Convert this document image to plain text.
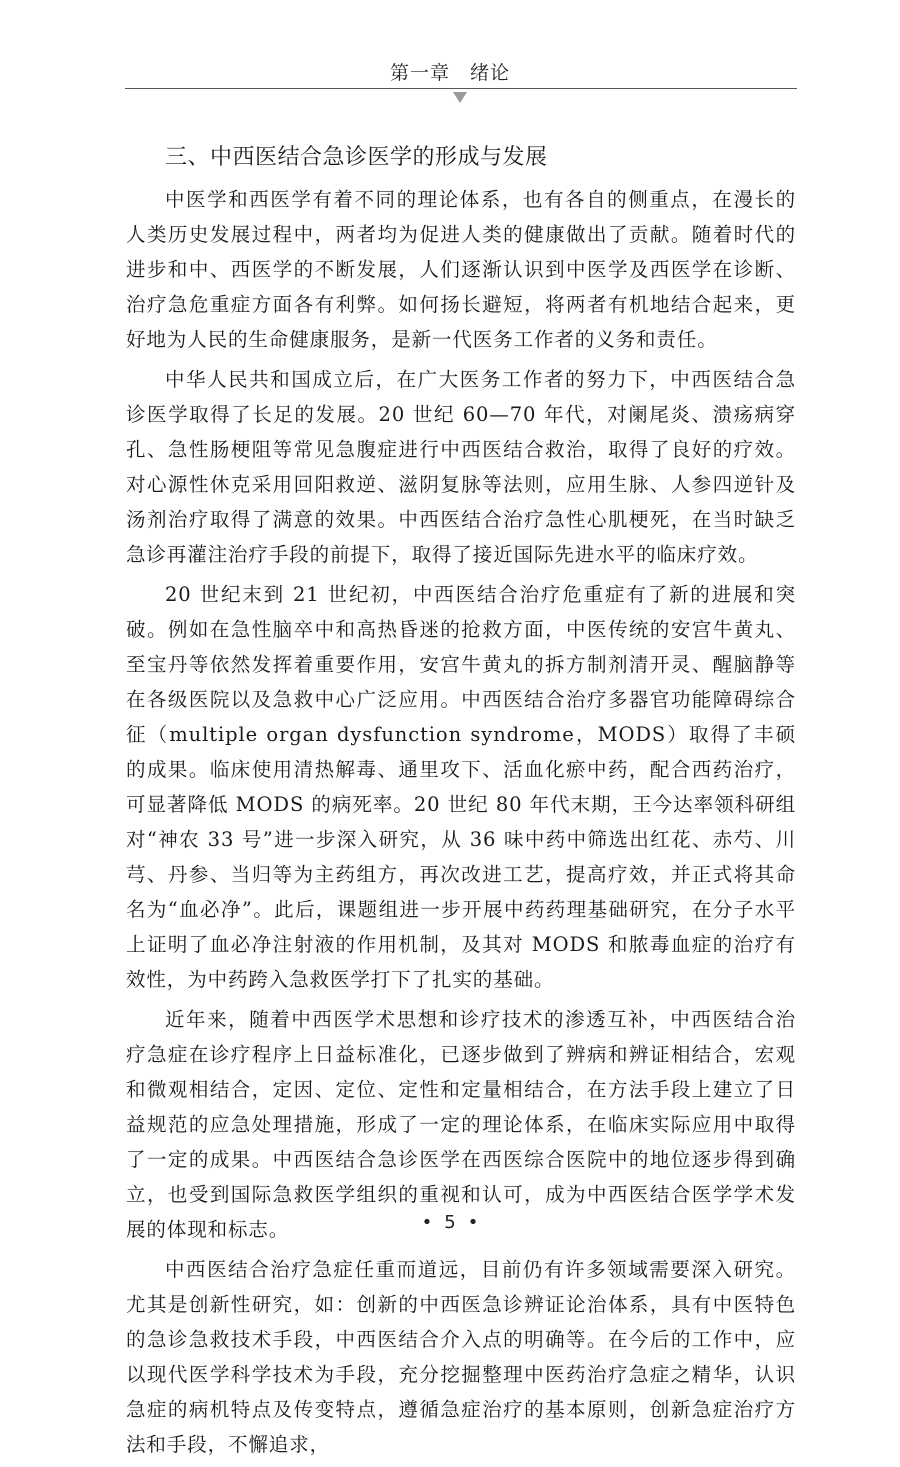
第一章　绪论
三、中西医结合急诊医学的形成与发展

中医学和西医学有着不同的理论体系，也有各自的侧重点，在漫长的人类历史发展过程中，两者均为促进人类的健康做出了贡献。随着时代的进步和中、西医学的不断发展，人们逐渐认识到中医学及西医学在诊断、治疗急危重症方面各有利弊。如何扬长避短，将两者有机地结合起来，更好地为人民的生命健康服务，是新一代医务工作者的义务和责任。

中华人民共和国成立后，在广大医务工作者的努力下，中西医结合急诊医学取得了长足的发展。20 世纪 60—70 年代，对阑尾炎、溃疡病穿孔、急性肠梗阻等常见急腹症进行中西医结合救治，取得了良好的疗效。对心源性休克采用回阳救逆、滋阴复脉等法则，应用生脉、人参四逆针及汤剂治疗取得了满意的效果。中西医结合治疗急性心肌梗死，在当时缺乏急诊再灌注治疗手段的前提下，取得了接近国际先进水平的临床疗效。

20 世纪末到 21 世纪初，中西医结合治疗危重症有了新的进展和突破。例如在急性脑卒中和高热昏迷的抢救方面，中医传统的安宫牛黄丸、至宝丹等依然发挥着重要作用，安宫牛黄丸的拆方制剂清开灵、醒脑静等在各级医院以及急救中心广泛应用。中西医结合治疗多器官功能障碍综合征（multiple organ dysfunction syndrome，MODS）取得了丰硕的成果。临床使用清热解毒、通里攻下、活血化瘀中药，配合西药治疗，可显著降低 MODS 的病死率。20 世纪 80 年代末期，王今达率领科研组对“神农 33 号”进一步深入研究，从 36 味中药中筛选出红花、赤芍、川芎、丹参、当归等为主药组方，再次改进工艺，提高疗效，并正式将其命名为“血必净”。此后，课题组进一步开展中药药理基础研究，在分子水平上证明了血必净注射液的作用机制，及其对 MODS 和脓毒血症的治疗有效性，为中药跨入急救医学打下了扎实的基础。

近年来，随着中西医学术思想和诊疗技术的渗透互补，中西医结合治疗急症在诊疗程序上日益标准化，已逐步做到了辨病和辨证相结合，宏观和微观相结合，定因、定位、定性和定量相结合，在方法手段上建立了日益规范的应急处理措施，形成了一定的理论体系，在临床实际应用中取得了一定的成果。中西医结合急诊医学在西医综合医院中的地位逐步得到确立，也受到国际急救医学组织的重视和认可，成为中西医结合医学学术发展的体现和标志。

中西医结合治疗急症任重而道远，目前仍有许多领域需要深入研究。尤其是创新性研究，如：创新的中西医急诊辨证论治体系，具有中医特色的急诊急救技术手段，中西医结合介入点的明确等。在今后的工作中，应以现代医学科学技术为手段，充分挖掘整理中医药治疗急症之精华，认识急症的病机特点及传变特点，遵循急症治疗的基本原则，创新急症治疗方法和手段，不懈追求，

• 5 •
